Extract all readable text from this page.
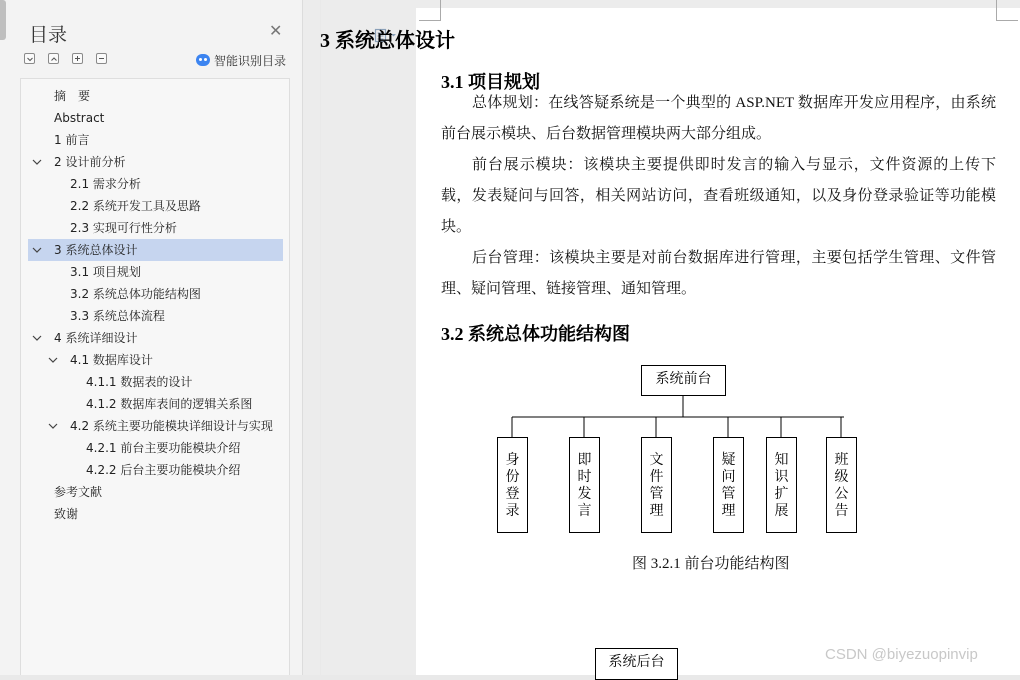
目录	✕
智能识别目录
摘　要
Abstract
1 前言
2 设计前分析
2.1 需求分析
2.2 系统开发工具及思路
2.3 实现可行性分析
3 系统总体设计
3.1 项目规划
3.2 系统总体功能结构图
3.3 系统总体流程
4 系统详细设计
4.1 数据库设计
4.1.1 数据表的设计
4.1.2 数据库表间的逻辑关系图
4.2 系统主要功能模块详细设计与实现
4.2.1 前台主要功能模块介绍
4.2.2 后台主要功能模块介绍
参考文献
致谢
3 系统总体设计
3.1 项目规划
总体规划：在线答疑系统是一个典型的 ASP.NET 数据库开发应用程序，由系统前台展示模块、后台数据管理模块两大部分组成。
前台展示模块：该模块主要提供即时发言的输入与显示，文件资源的上传下载，发表疑问与回答，相关网站访问，查看班级通知，以及身份登录验证等功能模块。
后台管理：该模块主要是对前台数据库进行管理，主要包括学生管理、文件管理、疑问管理、链接管理、通知管理。
3.2 系统总体功能结构图
系统前台
身
份
登
录
即
时
发
言
文
件
管
理
疑
问
管
理
知
识
扩
展
班
级
公
告
图 3.2.1 前台功能结构图
系统后台	CSDN @biyezuopinvip
